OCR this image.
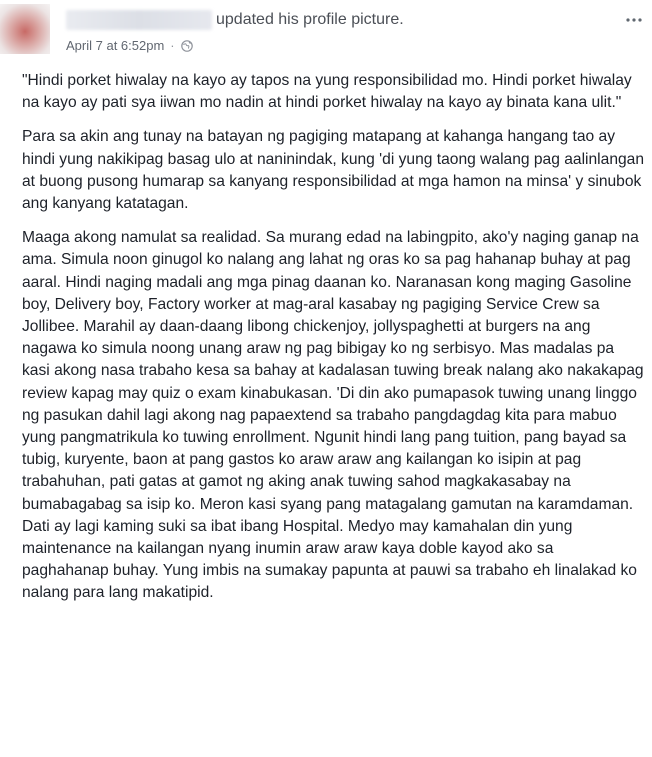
updated his profile picture.
April 7 at 6:52pm ·

"Hindi porket hiwalay na kayo ay tapos na yung responsibilidad mo. Hindi porket hiwalay na kayo ay pati sya iiwan mo nadin at hindi porket hiwalay na kayo ay binata kana ulit."

Para sa akin ang tunay na batayan ng pagiging matapang at kahanga hangang tao ay hindi yung nakikipag basag ulo at naninindak, kung 'di yung taong walang pag aalinlangan at buong pusong humarap sa kanyang responsibilidad at mga hamon na minsa' y sinubok ang kanyang katatagan.

Maaga akong namulat sa realidad. Sa murang edad na labingpito, ako'y naging ganap na ama. Simula noon ginugol ko nalang ang lahat ng oras ko sa pag hahanap buhay at pag aaral. Hindi naging madali ang mga pinag daanan ko. Naranasan kong maging Gasoline boy, Delivery boy, Factory worker at mag-aral kasabay ng pagiging Service Crew sa Jollibee. Marahil ay daan-daang libong chickenjoy, jollyspaghetti at burgers na ang nagawa ko simula noong unang araw ng pag bibigay ko ng serbisyo. Mas madalas pa kasi akong nasa trabaho kesa sa bahay at kadalasan tuwing break nalang ako nakakapag review kapag may quiz o exam kinabukasan. 'Di din ako pumapasok tuwing unang linggo ng pasukan dahil lagi akong nag papaextend sa trabaho pangdagdag kita para mabuo yung pangmatrikula ko tuwing enrollment. Ngunit hindi lang pang tuition, pang bayad sa tubig, kuryente, baon at pang gastos ko araw araw ang kailangan ko isipin at pag trabahuhan, pati gatas at gamot ng aking anak tuwing sahod magkakasabay na bumabagabag sa isip ko. Meron kasi syang pang matagalang gamutan na karamdaman. Dati ay lagi kaming suki sa ibat ibang Hospital. Medyo may kamahalan din yung maintenance na kailangan nyang inumin araw araw kaya doble kayod ako sa paghahanap buhay. Yung imbis na sumakay papunta at pauwi sa trabaho eh linalakad ko nalang para lang makatipid.
